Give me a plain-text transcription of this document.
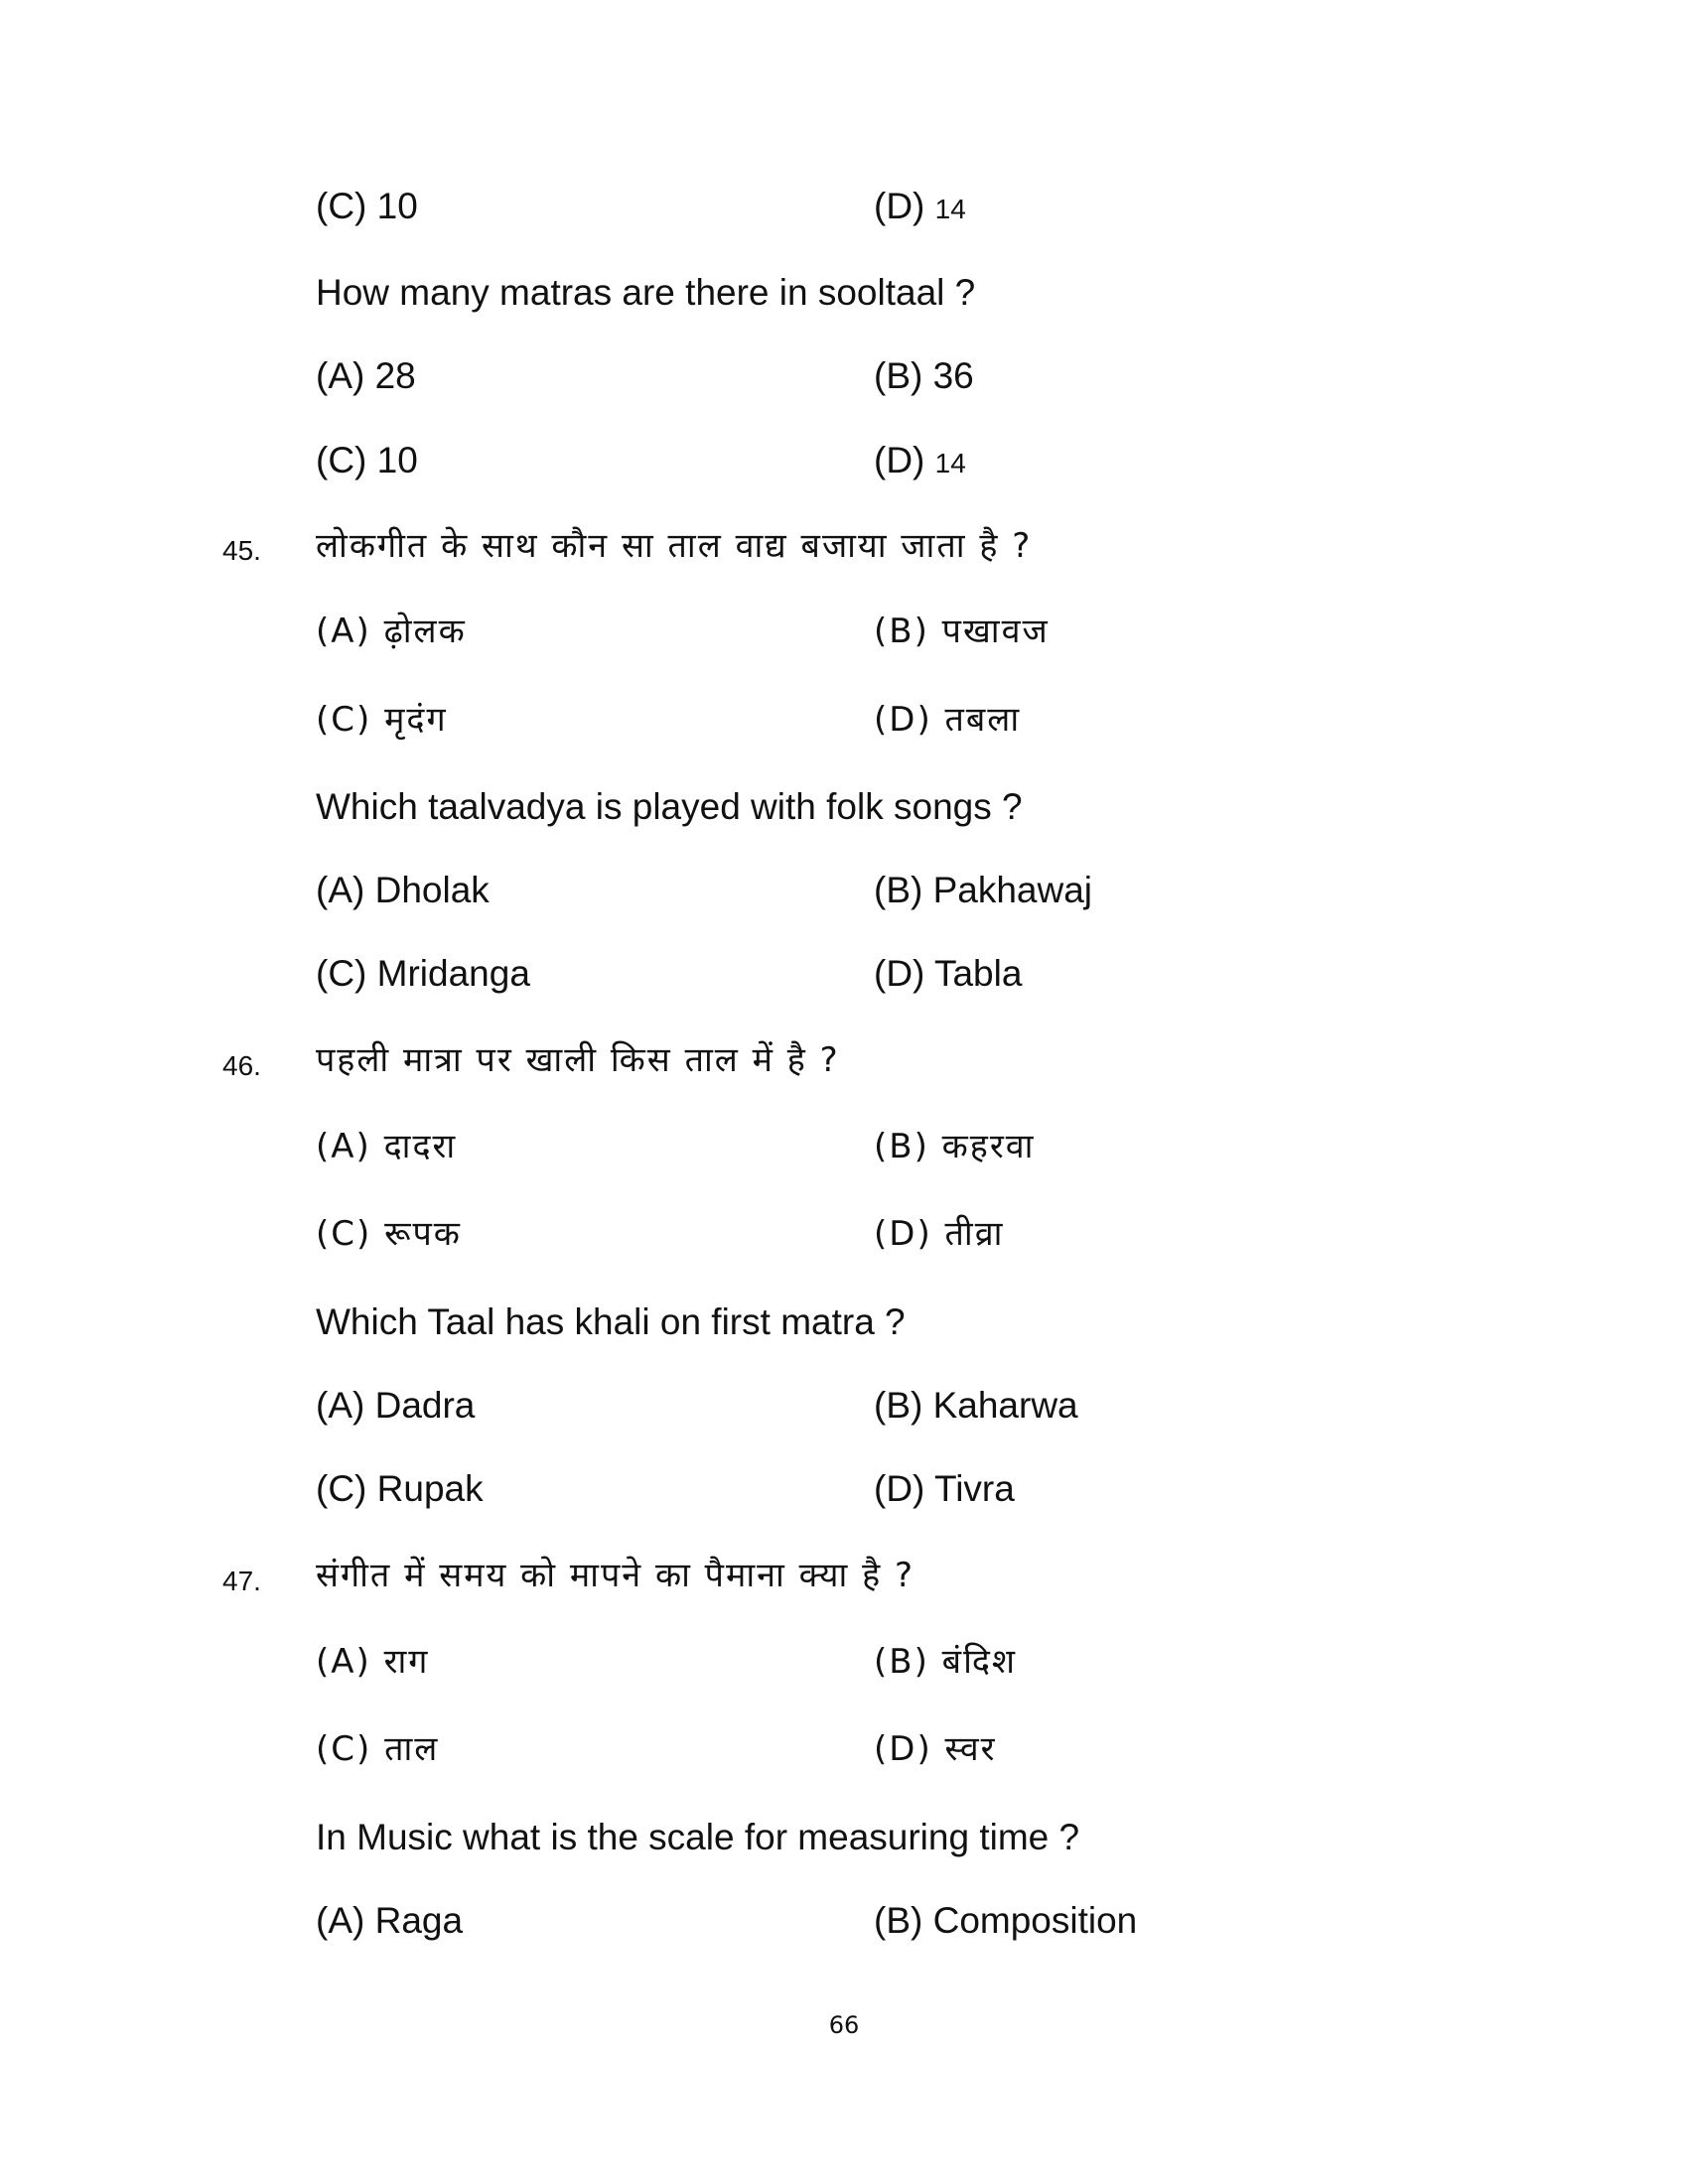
(C) 10	(D) 14
How many matras are there in sooltaal ?
(A) 28	(B) 36
(C) 10	(D) 14
45. लोकगीत के साथ कौन सा ताल वाद्य बजाया जाता है ?
(A) ढ़ोलक	(B) पखावज
(C) मृदंग	(D) तबला
Which taalvadya is played with folk songs ?
(A) Dholak	(B) Pakhawaj
(C) Mridanga	(D) Tabla
46. पहली मात्रा पर खाली किस ताल में है ?
(A) दादरा	(B) कहरवा
(C) रूपक	(D) तीव्रा
Which Taal has khali on first matra ?
(A) Dadra	(B) Kaharwa
(C) Rupak	(D) Tivra
47. संगीत में समय को मापने का पैमाना क्या है ?
(A) राग	(B) बंदिश
(C) ताल	(D) स्वर
In Music what is the scale for measuring time ?
(A) Raga	(B) Composition
66
